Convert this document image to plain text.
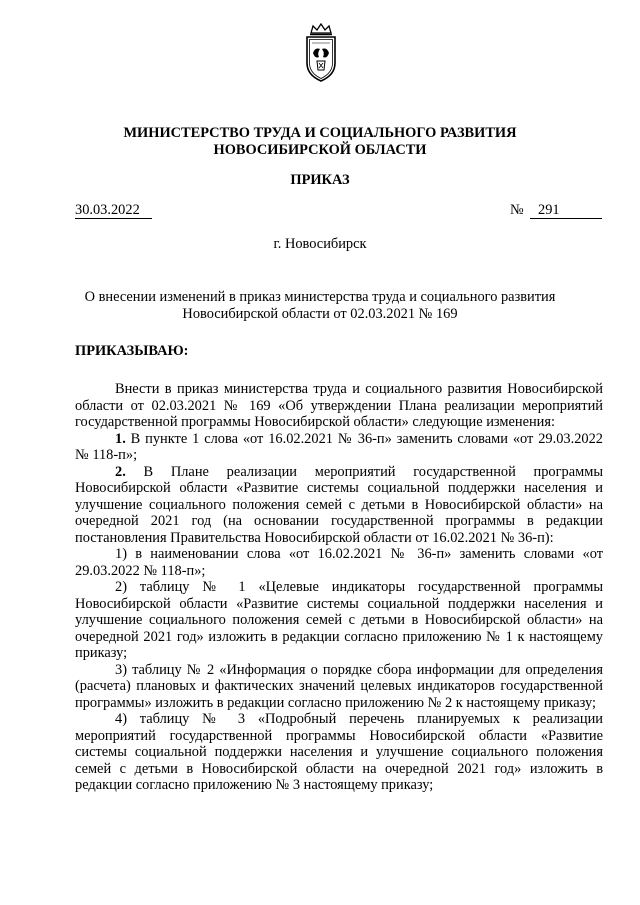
МИНИСТЕРСТВО ТРУДА И СОЦИАЛЬНОГО РАЗВИТИЯ
НОВОСИБИРСКОЙ ОБЛАСТИ
ПРИКАЗ
30.03.2022	№ 291
г. Новосибирск
О внесении изменений в приказ министерства труда и социального развития
Новосибирской области от 02.03.2021 № 169
ПРИКАЗЫВАЮ:

Внести в приказ министерства труда и социального развития Новосибирской области от 02.03.2021 № 169 «Об утверждении Плана реализации мероприятий государственной программы Новосибирской области» следующие изменения:

1. В пункте 1 слова «от 16.02.2021 № 36-п» заменить словами «от 29.03.2022 № 118-п»;

2. В Плане реализации мероприятий государственной программы Новосибирской области «Развитие системы социальной поддержки населения и улучшение социального положения семей с детьми в Новосибирской области» на очередной 2021 год (на основании государственной программы в редакции постановления Правительства Новосибирской области от 16.02.2021 № 36-п):

1) в наименовании слова «от 16.02.2021 № 36-п» заменить словами «от 29.03.2022 № 118-п»;

2) таблицу № 1 «Целевые индикаторы государственной программы Новосибирской области «Развитие системы социальной поддержки населения и улучшение социального положения семей с детьми в Новосибирской области» на очередной 2021 год» изложить в редакции согласно приложению № 1 к настоящему приказу;

3) таблицу № 2 «Информация о порядке сбора информации для определения (расчета) плановых и фактических значений целевых индикаторов государственной программы» изложить в редакции согласно приложению № 2 к настоящему приказу;

4) таблицу № 3 «Подробный перечень планируемых к реализации мероприятий государственной программы Новосибирской области «Развитие системы социальной поддержки населения и улучшение социального положения семей с детьми в Новосибирской области на очередной 2021 год» изложить в редакции согласно приложению № 3 настоящему приказу;
